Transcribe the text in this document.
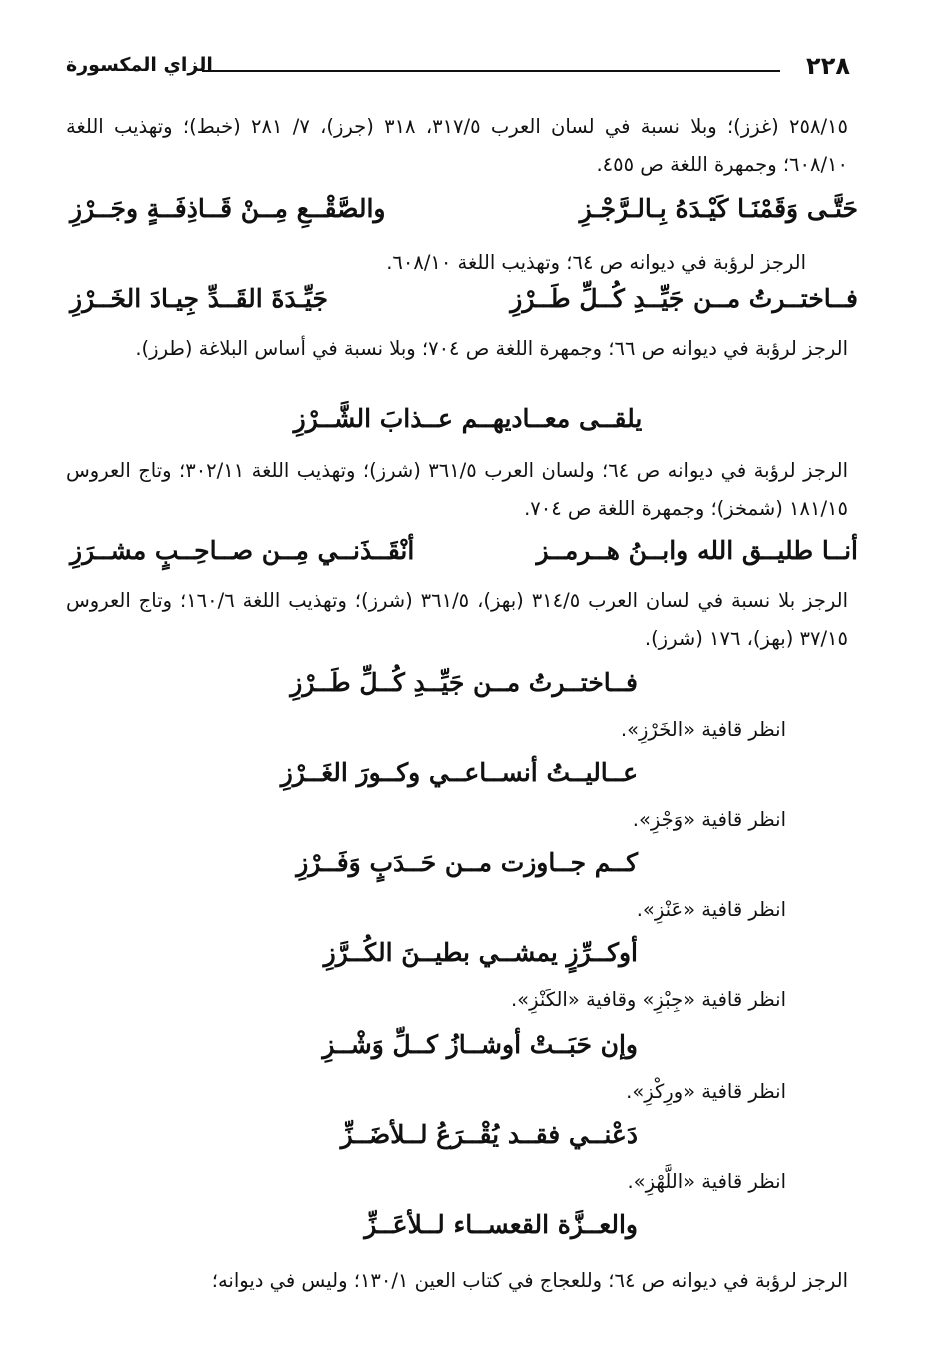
٢٢٨
الزاي المكسورة
٢٥٨/١٥ (غزز)؛ وبلا نسبة في لسان العرب ٣١٧/٥، ٣١٨ (جرز)، ٧/ ٢٨١ (خبط)؛ وتهذيب اللغة ٦٠٨/١٠؛ وجمهرة اللغة ص ٤٥٥.
حَتَّـى وَقَمْنَـا كَيْـدَهُ بِـالـرَّجْـزِ
والصَّقْــعِ مِــنْ قَــاذِفَــةٍ وجَــرْزِ
الرجز لرؤبة في ديوانه ص ٦٤؛ وتهذيب اللغة ٦٠٨/١٠.
فــاختــرتُ مــن جَيِّــدِ كُــلِّ طَــرْزِ
جَيِّـدَةَ القَــدِّ جِيـادَ الخَــرْزِ
الرجز لرؤبة في ديوانه ص ٦٦؛ وجمهرة اللغة ص ٧٠٤؛ وبلا نسبة في أساس البلاغة (طرز).
يلقــى معــاديهــم عــذابَ الشَّــرْزِ
الرجز لرؤبة في ديوانه ص ٦٤؛ ولسان العرب ٣٦١/٥ (شرز)؛ وتهذيب اللغة ٣٠٢/١١؛ وتاج العروس ١٨١/١٥ (شمخز)؛ وجمهرة اللغة ص ٧٠٤.
أنــا طليــق الله وابــنُ هــرمــز
أنْقَــذَنــي مِــن صــاحِــبٍ مشــرَزِ
الرجز بلا نسبة في لسان العرب ٣١٤/٥ (بهز)، ٣٦١/٥ (شرز)؛ وتهذيب اللغة ١٦٠/٦؛ وتاج العروس ٣٧/١٥ (بهز)، ١٧٦ (شرز).
فــاختــرتُ مــن جَيِّــدِ كُــلِّ طَــرْزِ
انظر قافية «الخَرْزِ».
عــاليــتُ أنســاعــي وكــورَ الغَــرْزِ
انظر قافية «وَجْزِ».
كــم جــاوزت مــن حَــدَبٍ وَفَــرْزِ
انظر قافية «عَنْزِ».
أوكــرِّزٍ يمشــي بطيــنَ الكُــرَّزِ
انظر قافية «جِبْزِ» وقافية «الكَنْزِ».
وإن حَبَــتْ أوشــازُ كــلِّ وَشْــزِ
انظر قافية «ورِكْزِ».
دَعْنــي فقــد يُقْــرَعُ لــلأضَــزِّ
انظر قافية «اللَّهْزِ».
والعــزَّة القعســاء لــلأعَــزِّ
الرجز لرؤبة في ديوانه ص ٦٤؛ وللعجاج في كتاب العين ١٣٠/١؛ وليس في ديوانه؛
